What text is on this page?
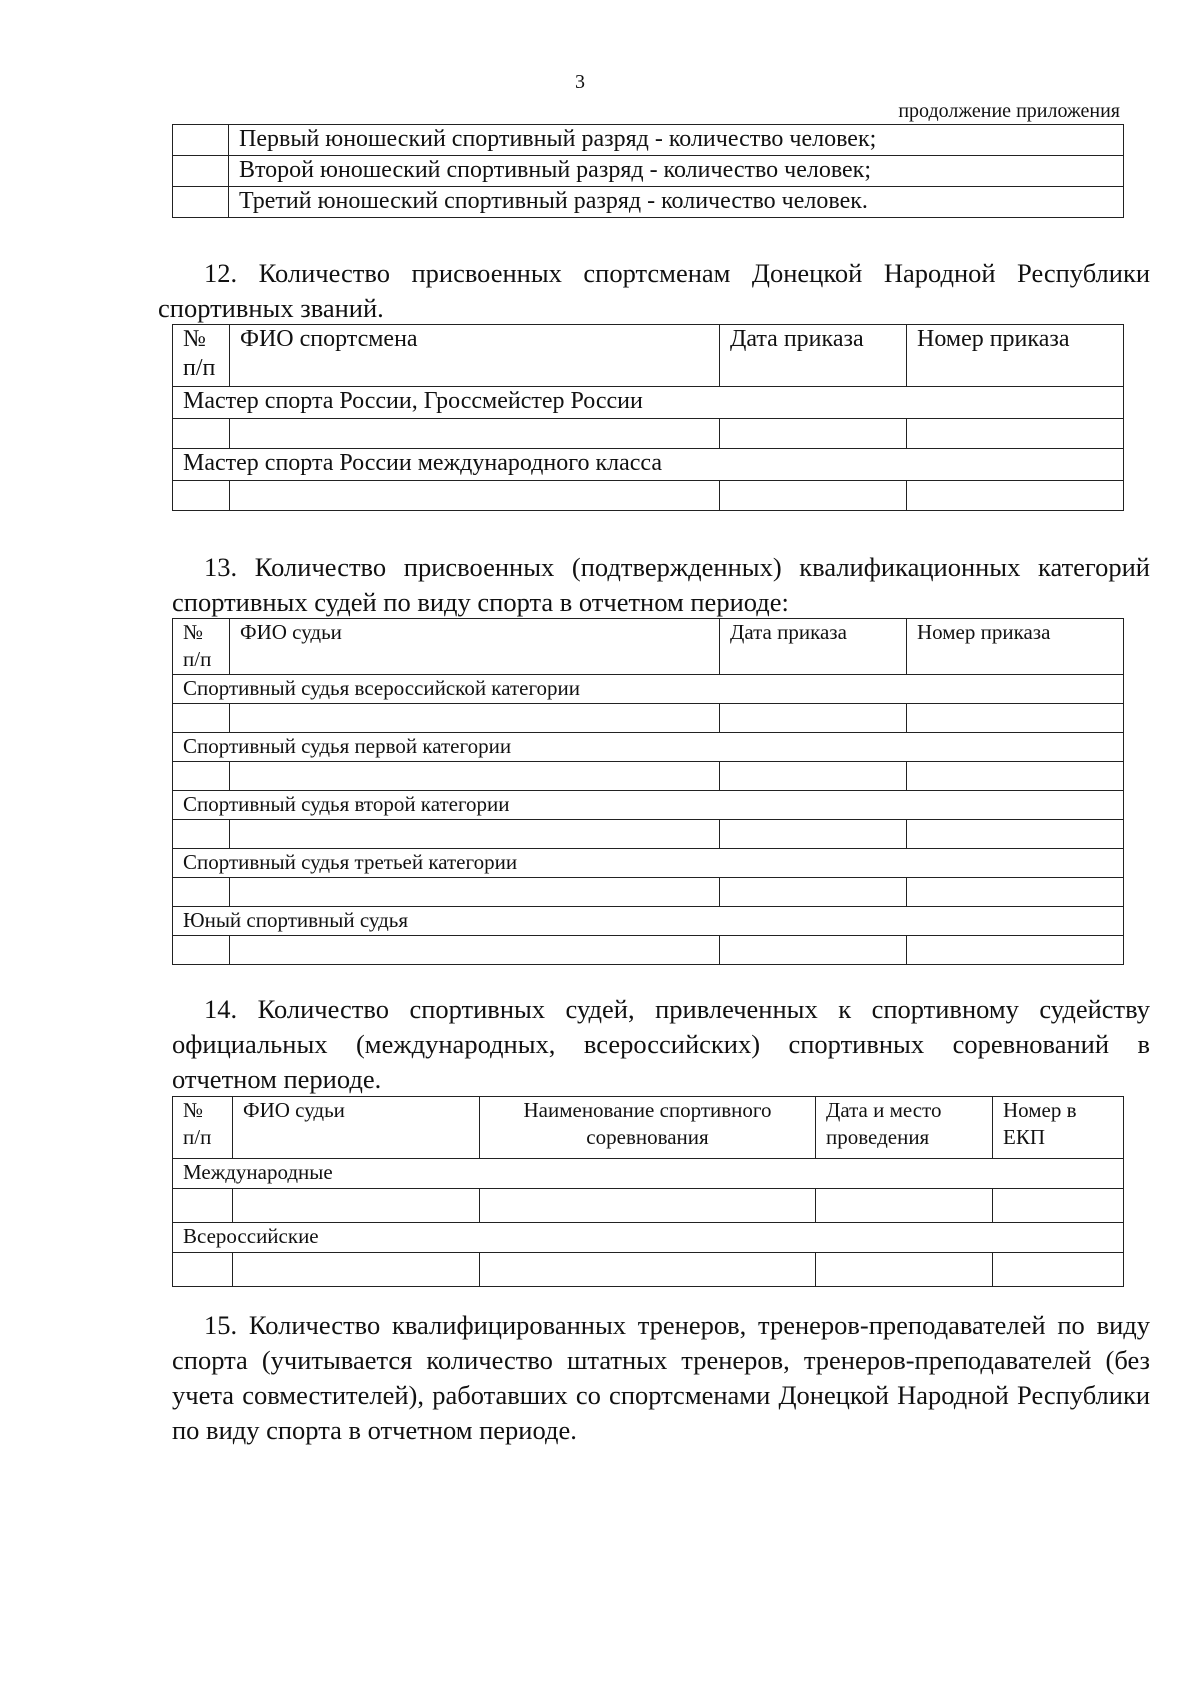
3
продолжение приложения
	Первый юношеский спортивный разряд - количество человек;
	Второй юношеский спортивный разряд - количество человек;
	Третий юношеский спортивный разряд - количество человек.

12. Количество присвоенных спортсменам Донецкой Народной Республики спортивных званий.

№ п/п	ФИО спортсмена	Дата приказа	Номер приказа
Мастер спорта России, Гроссмейстер России			

Мастер спорта России международного класса			

13. Количество присвоенных (подтвержденных) квалификационных категорий спортивных судей по виду спорта в отчетном периоде:

№ п/п	ФИО судьи	Дата приказа	Номер приказа
Спортивный судья всероссийской категории			

Спортивный судья первой категории			

Спортивный судья второй категории			

Спортивный судья третьей категории			

Юный спортивный судья			

14. Количество спортивных судей, привлеченных к спортивному судейству официальных (международных, всероссийских) спортивных соревнований в отчетном периоде.

№ п/п	ФИО судьи	Наименование спортивного соревнования	Дата и место проведения	Номер в ЕКП
Международные				

Всероссийские				

15. Количество квалифицированных тренеров, тренеров-преподавателей по виду спорта (учитывается количество штатных тренеров, тренеров-преподавателей (без учета совместителей), работавших со спортсменами Донецкой Народной Республики по виду спорта в отчетном периоде.
